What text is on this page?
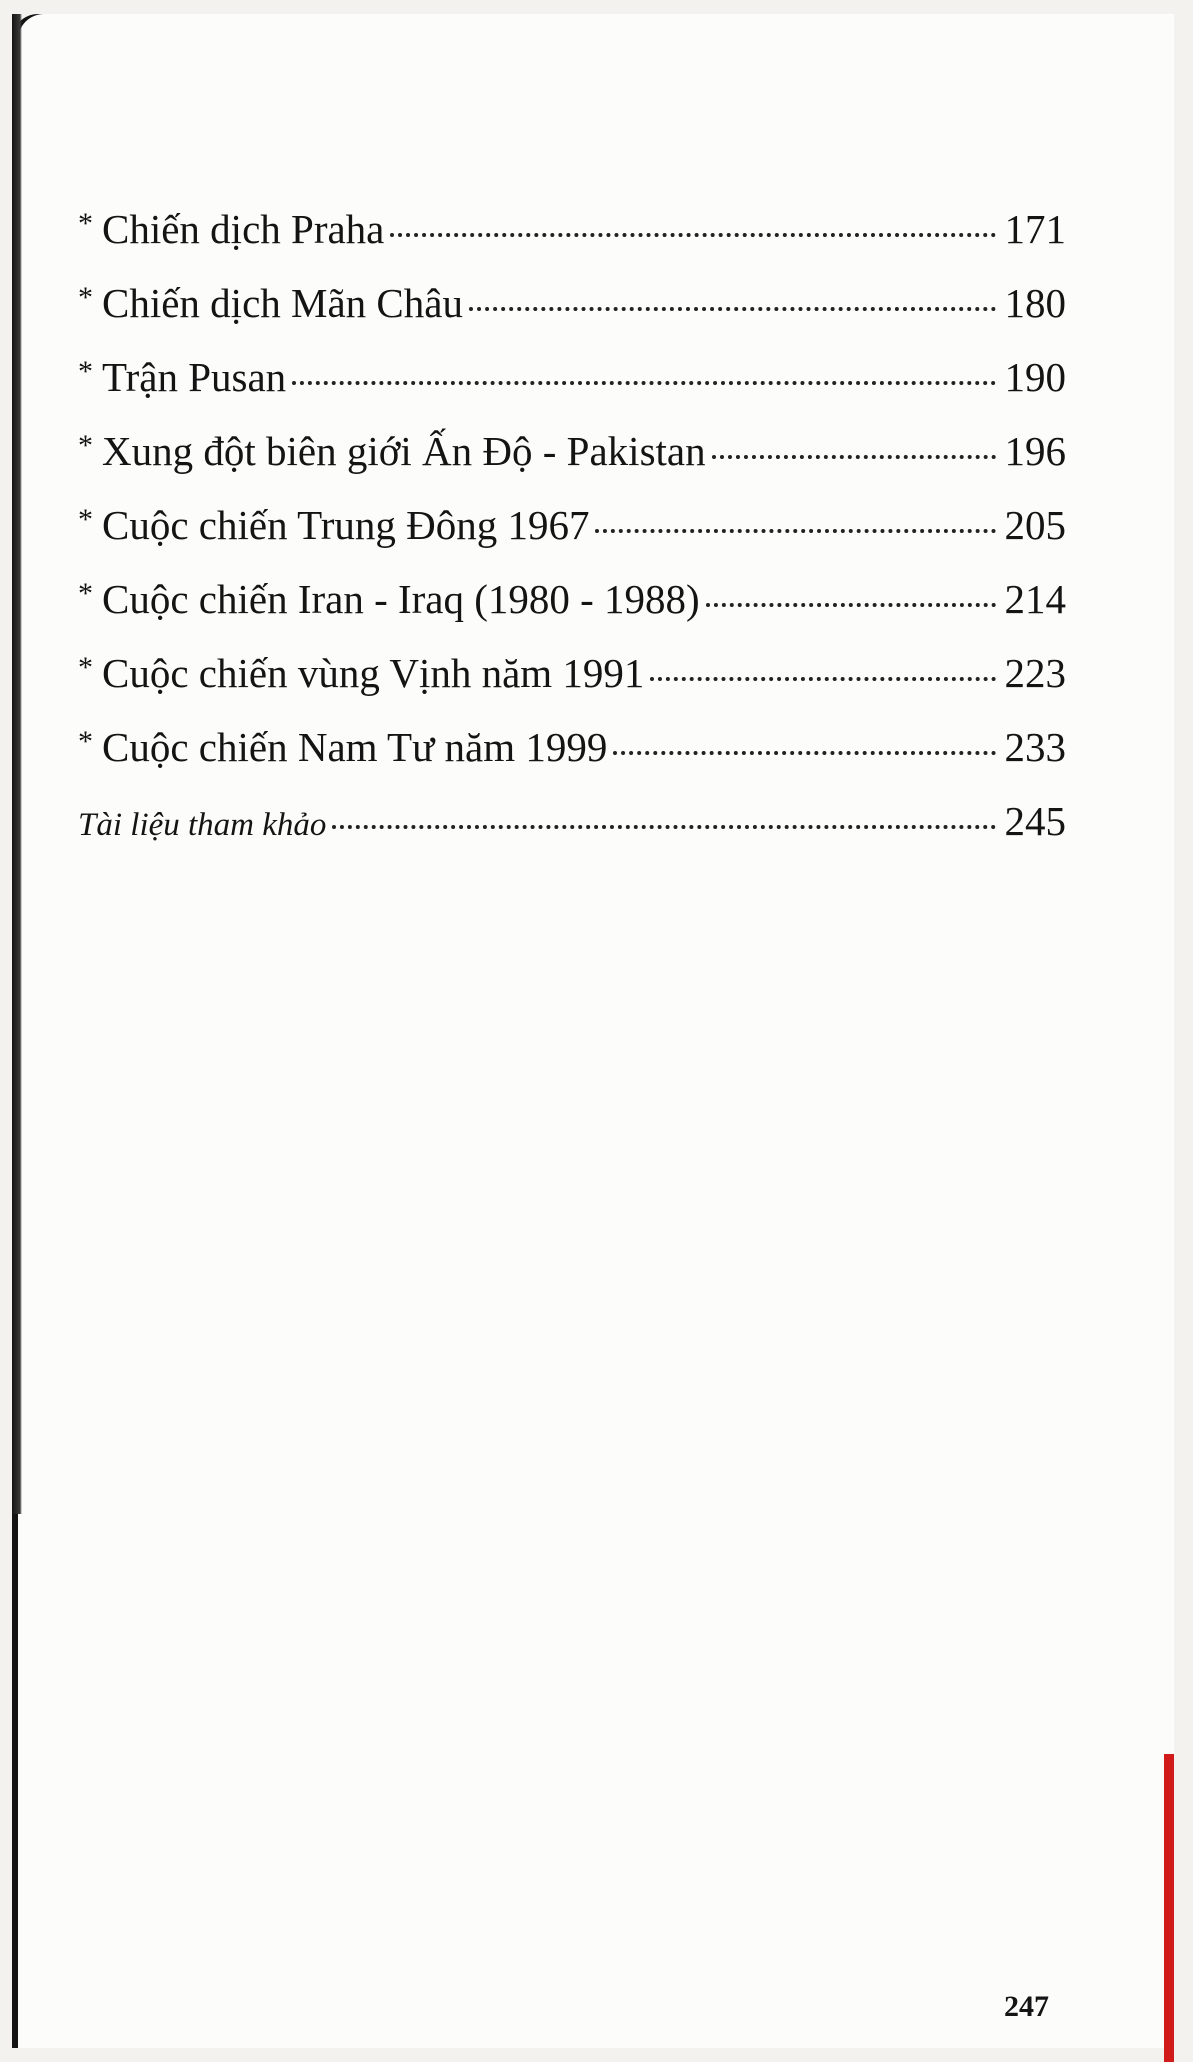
* Chiến dịch Praha	171
* Chiến dịch Mãn Châu	180
* Trận Pusan	190
* Xung đột biên giới Ấn Độ - Pakistan	196
* Cuộc chiến Trung Đông 1967	205
* Cuộc chiến Iran - Iraq (1980 - 1988)	214
* Cuộc chiến vùng Vịnh năm 1991	223
* Cuộc chiến Nam Tư năm 1999	233
Tài liệu tham khảo	245
247
